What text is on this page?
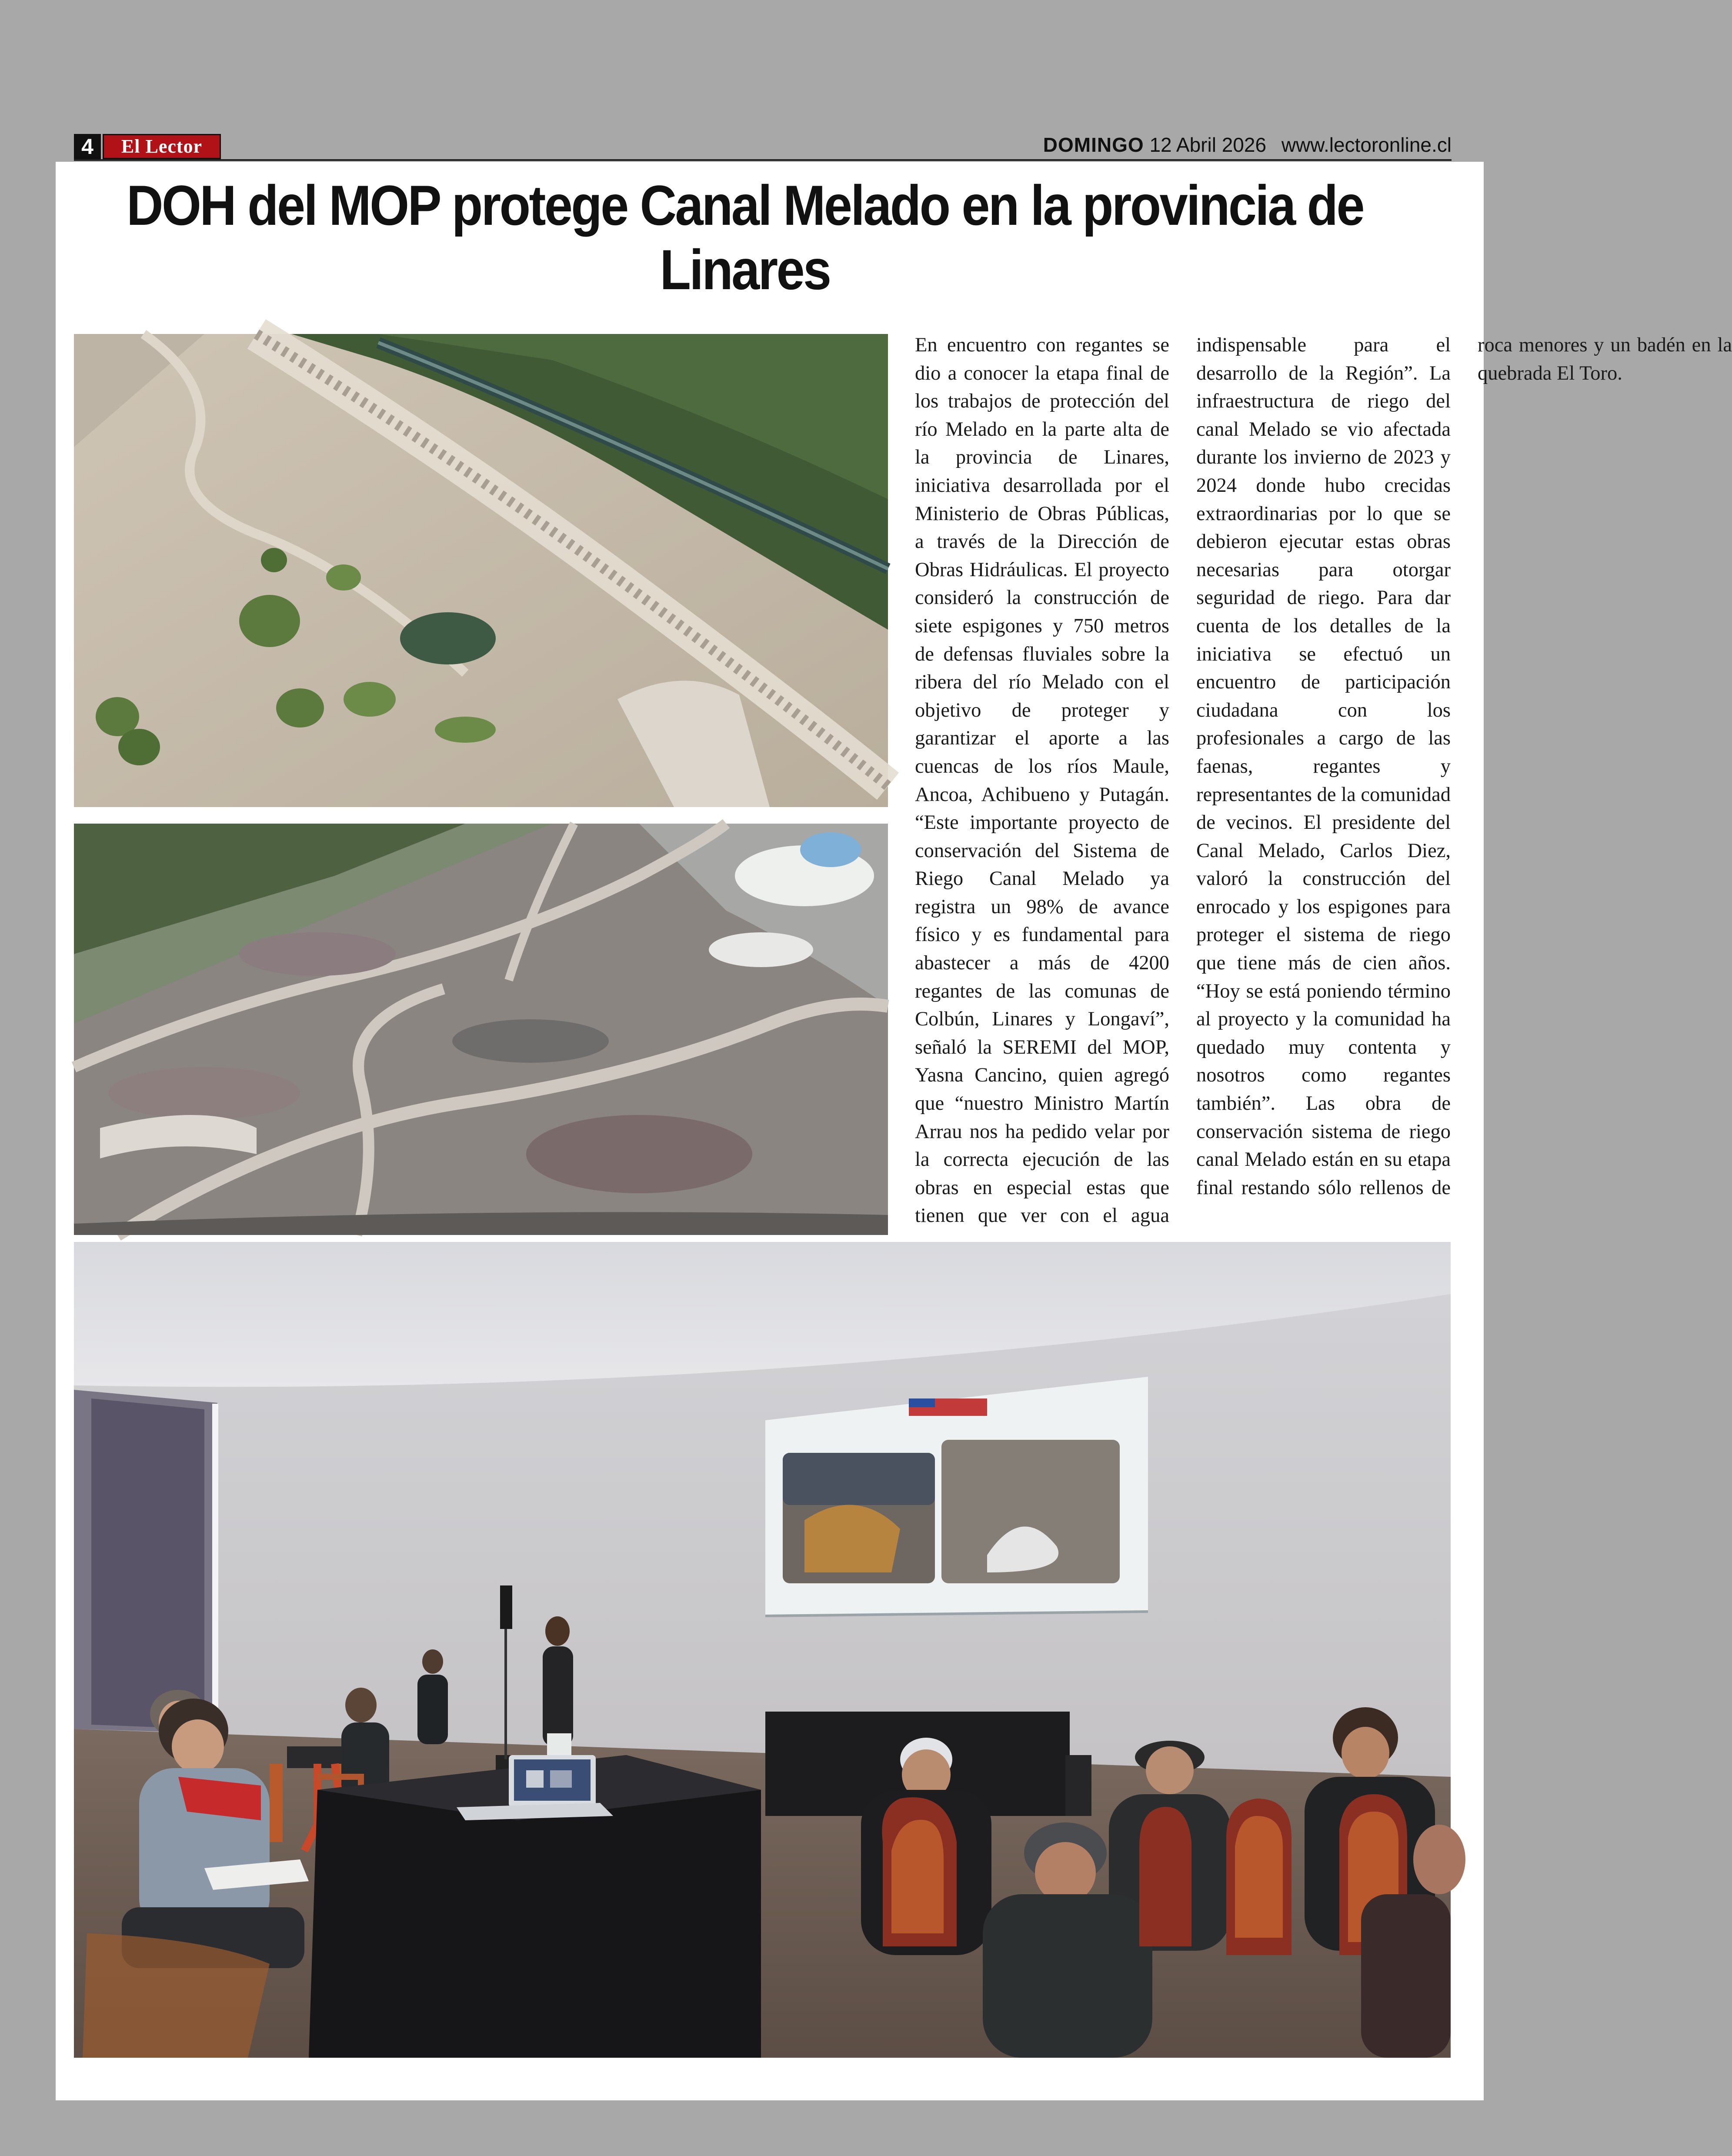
4	El Lector	DOMINGO 12 Abril 2026 www.lectoronline.cl
DOH del MOP protege Canal Melado en la provincia de Linares

En encuentro con regantes se dio a conocer la etapa final de los trabajos de protección del río Melado en la parte alta de la provincia de Linares, iniciativa desarrollada por el Ministerio de Obras Públicas, a través de la Dirección de Obras Hidráulicas. El proyecto consideró la construcción de siete espigones y 750 metros de defensas fluviales sobre la ribera del río Melado con el objetivo de proteger y garantizar el aporte a las cuencas de los ríos Maule, Ancoa, Achibueno y Putagán. “Este importante proyecto de conservación del Sistema de Riego Canal Melado ya registra un 98% de avance físico y es fundamental para abastecer a más de 4200 regantes de las comunas de Colbún, Linares y Longaví”, señaló la SEREMI del MOP, Yasna Cancino, quien agregó que “nuestro Ministro Martín Arrau nos ha pedido velar por la correcta ejecución de las obras en especial estas que tienen que ver con el agua indispensable para el desarrollo de la Región”. La infraestructura de riego del canal Melado se vio afectada durante los invierno de 2023 y 2024 donde hubo crecidas extraordinarias por lo que se debieron ejecutar estas obras necesarias para otorgar seguridad de riego. Para dar cuenta de los detalles de la iniciativa se efectuó un encuentro de participación ciudadana con los profesionales a cargo de las faenas, regantes y representantes de la comunidad de vecinos. El presidente del Canal Melado, Carlos Diez, valoró la construcción del enrocado y los espigones para proteger el sistema de riego que tiene más de cien años. “Hoy se está poniendo término al proyecto y la comunidad ha quedado muy contenta y nosotros como regantes también”. Las obra de conservación sistema de riego canal Melado están en su etapa final restando sólo rellenos de roca menores y un badén en la quebrada El Toro.
